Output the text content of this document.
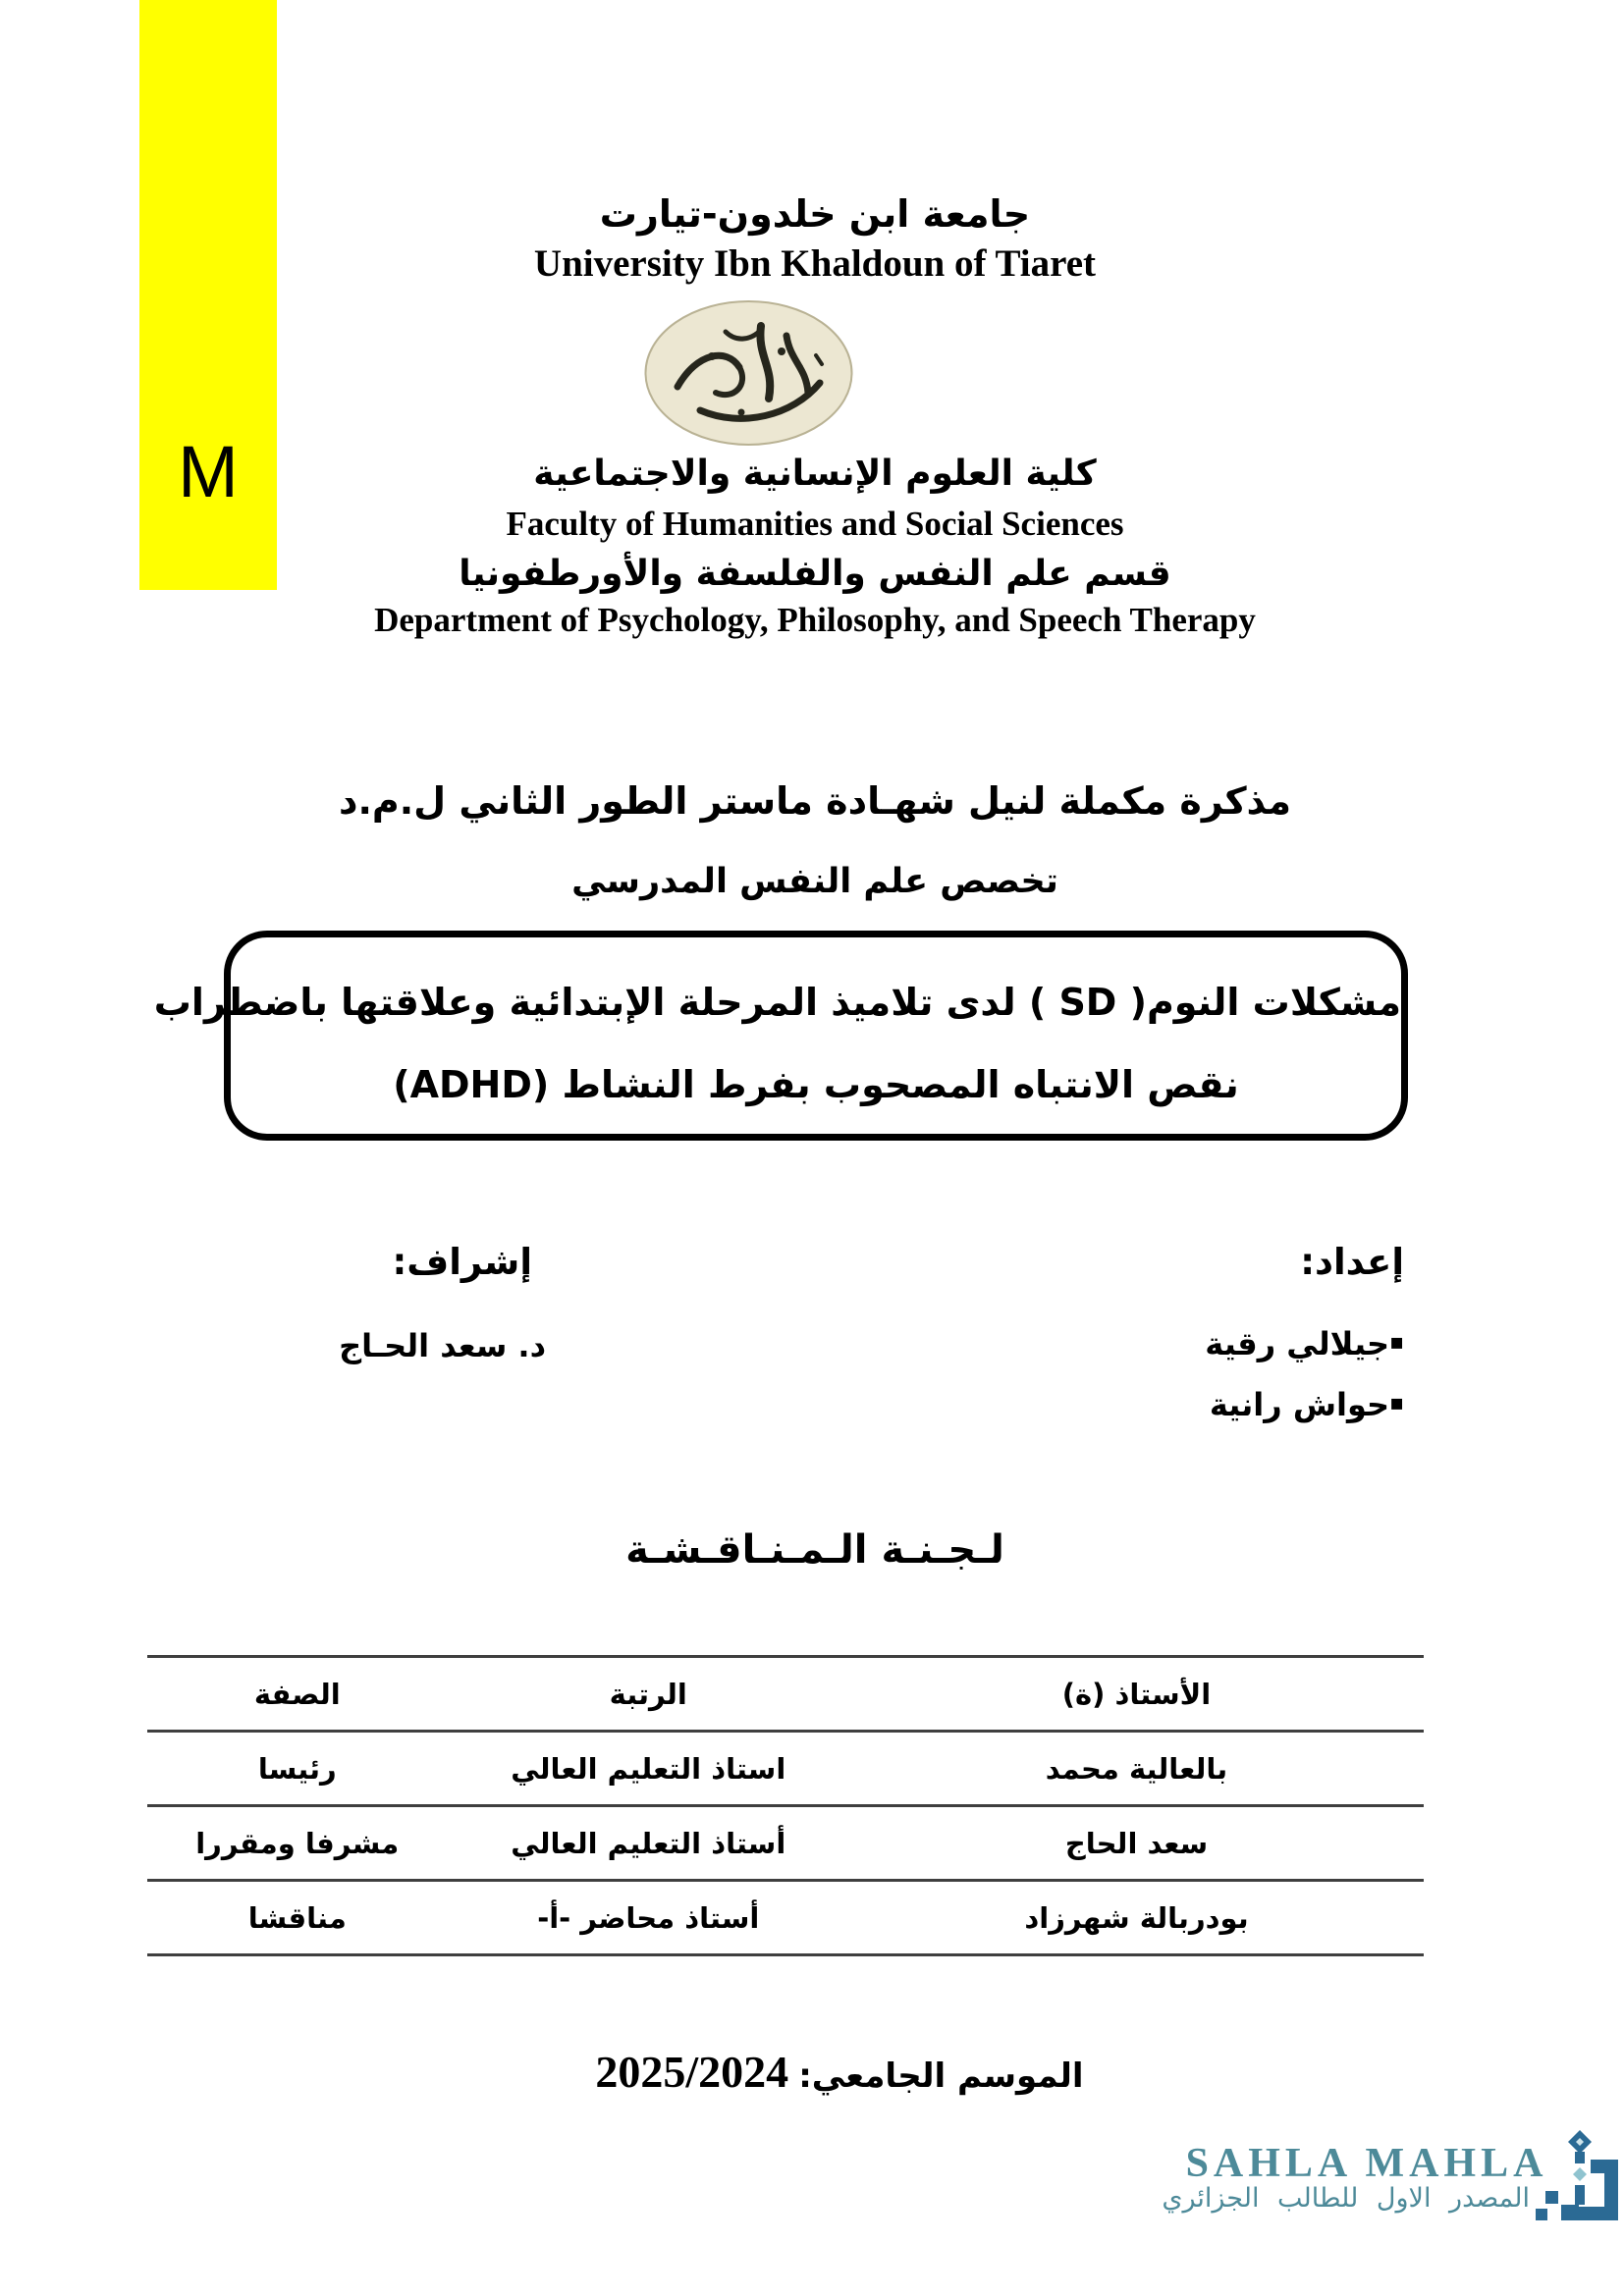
M
جامعة ابن خلدون-تيارت
University Ibn Khaldoun of Tiaret
كلية العلوم الإنسانية والاجتماعية
Faculty of Humanities and Social Sciences
قسم علم النفس والفلسفة والأورطفونيا
Department of Psychology, Philosophy, and Speech Therapy
مذكرة مكملة لنيل شهـادة ماستر الطور الثاني ل.م.د
تخصص علم النفس المدرسي
مشكلات النوم( SD ) لدى تلاميذ المرحلة الإبتدائية وعلاقتها باضطراب
نقص الانتباه المصحوب بفرط النشاط (ADHD)
إعداد:
▪جيلالي رقية
▪حواش رانية
إشراف:
د. سعد الحـاج
لـجـنـة الـمـنـاقـشـة
الأستاذ (ة)	الرتبة	الصفة
بالعالية محمد	استاذ التعليم العالي	رئيسا
سعد الحاج	أستاذ التعليم العالي	مشرفا ومقررا
بودربالة شهرزاد	أستاذ محاضر -أ-	مناقشا
الموسم الجامعي:2025/2024
SAHLA MAHLA
المصدر الاول للطالب الجزائري
